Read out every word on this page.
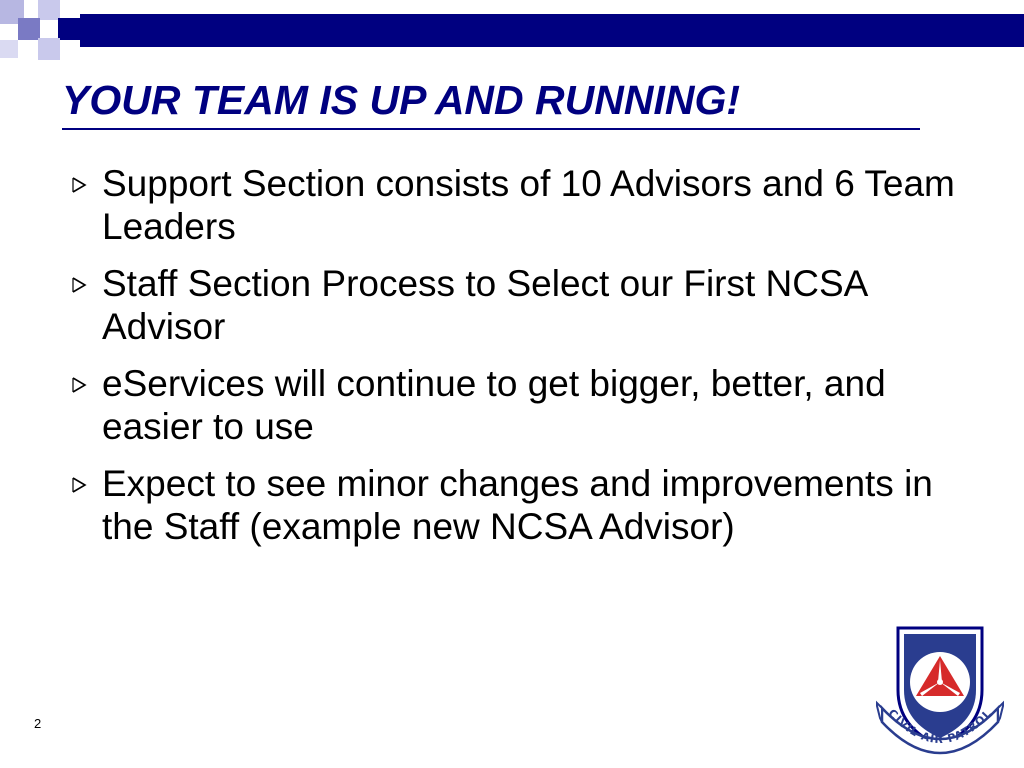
YOUR TEAM IS UP AND RUNNING!
Support Section consists of 10 Advisors and 6 Team Leaders
Staff Section Process to Select our First NCSA Advisor
eServices will continue to get bigger, better, and easier to use
Expect to see minor changes and improvements in the Staff (example new NCSA Advisor)
2
CIVIL AIR PATROL
